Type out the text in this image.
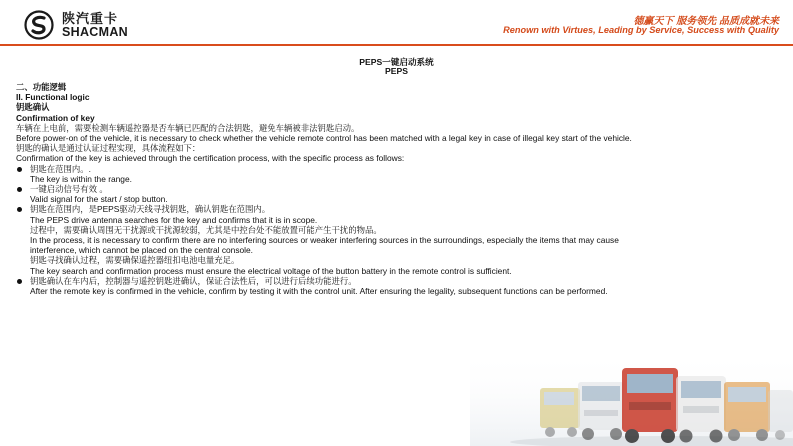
陕汽重卡
SHACMAN
德赢天下 服务领先 品质成就未来
Renown with Virtues, Leading by Service, Success with Quality
PEPS一键启动系统
PEPS
二、功能逻辑
II. Functional logic
钥匙确认
Confirmation of key
车辆在上电前，需要检测车辆遥控器是否车辆已匹配的合法钥匙，避免车辆被非法钥匙启动。
Before power-on of the vehicle, it is necessary to check whether the vehicle remote control has been matched with a legal key in case of illegal key start of the vehicle.
钥匙的确认是通过认证过程实现，具体流程如下：
Confirmation of the key is achieved through the certification process, with the specific process as follows:
钥匙在范围内。.
The key is within the range.
一键启动信号有效 。
Valid signal for the start / stop button.
钥匙在范围内，是PEPS驱动天线寻找钥匙，确认钥匙在范围内。
The PEPS drive antenna searches for the key and confirms that it is in scope.
过程中，需要确认周围无干扰源或干扰源较弱，尤其是中控台处不能放置可能产生干扰的物品。
In the process, it is necessary to confirm there are no interfering sources or weaker interfering sources in the surroundings, especially the items that may cause
interference, which cannot be placed on the central console.
钥匙寻找确认过程，需要确保遥控器纽扣电池电量充足。
The key search and confirmation process must ensure the electrical voltage of the button battery in the remote control is sufficient.
钥匙确认在车内后，控制器与遥控钥匙进确认，保证合法性后，可以进行后续功能进行。
After the remote key is confirmed in the vehicle, confirm by testing it with the control unit. After ensuring the legality, subsequent functions can be performed.
